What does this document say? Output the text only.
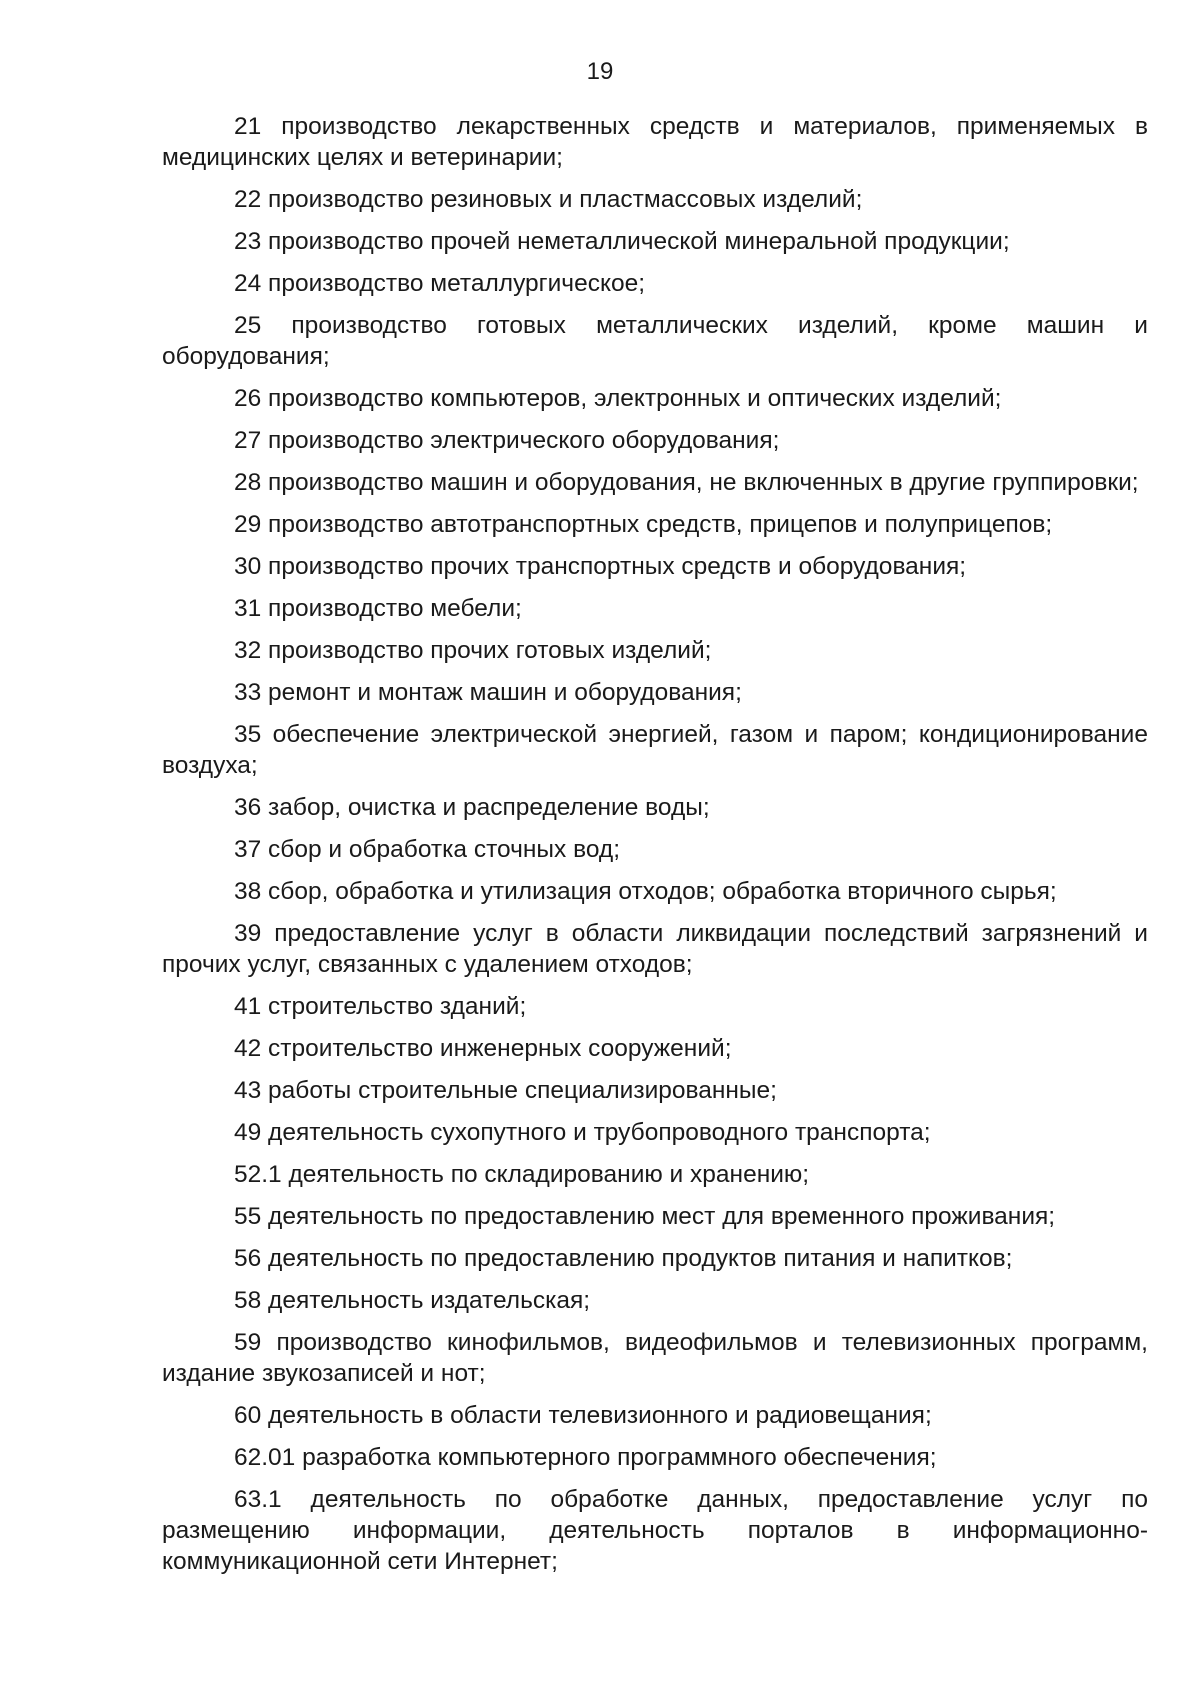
19

21 производство лекарственных средств и материалов, применяемых в медицинских целях и ветеринарии;

22 производство резиновых и пластмассовых изделий;

23 производство прочей неметаллической минеральной продукции;

24 производство металлургическое;

25 производство готовых металлических изделий, кроме машин и оборудования;

26 производство компьютеров, электронных и оптических изделий;

27 производство электрического оборудования;

28 производство машин и оборудования, не включенных в другие группировки;

29 производство автотранспортных средств, прицепов и полуприцепов;

30 производство прочих транспортных средств и оборудования;

31 производство мебели;

32 производство прочих готовых изделий;

33 ремонт и монтаж машин и оборудования;

35 обеспечение электрической энергией, газом и паром; кондиционирование воздуха;

36 забор, очистка и распределение воды;

37 сбор и обработка сточных вод;

38 сбор, обработка и утилизация отходов; обработка вторичного сырья;

39 предоставление услуг в области ликвидации последствий загрязнений и прочих услуг, связанных с удалением отходов;

41 строительство зданий;

42 строительство инженерных сооружений;

43 работы строительные специализированные;

49 деятельность сухопутного и трубопроводного транспорта;

52.1 деятельность по складированию и хранению;

55 деятельность по предоставлению мест для временного проживания;

56 деятельность по предоставлению продуктов питания и напитков;

58 деятельность издательская;

59 производство кинофильмов, видеофильмов и телевизионных программ, издание звукозаписей и нот;

60 деятельность в области телевизионного и радиовещания;

62.01 разработка компьютерного программного обеспечения;

63.1 деятельность по обработке данных, предоставление услуг по размещению информации, деятельность порталов в информационно-коммуникационной сети Интернет;
